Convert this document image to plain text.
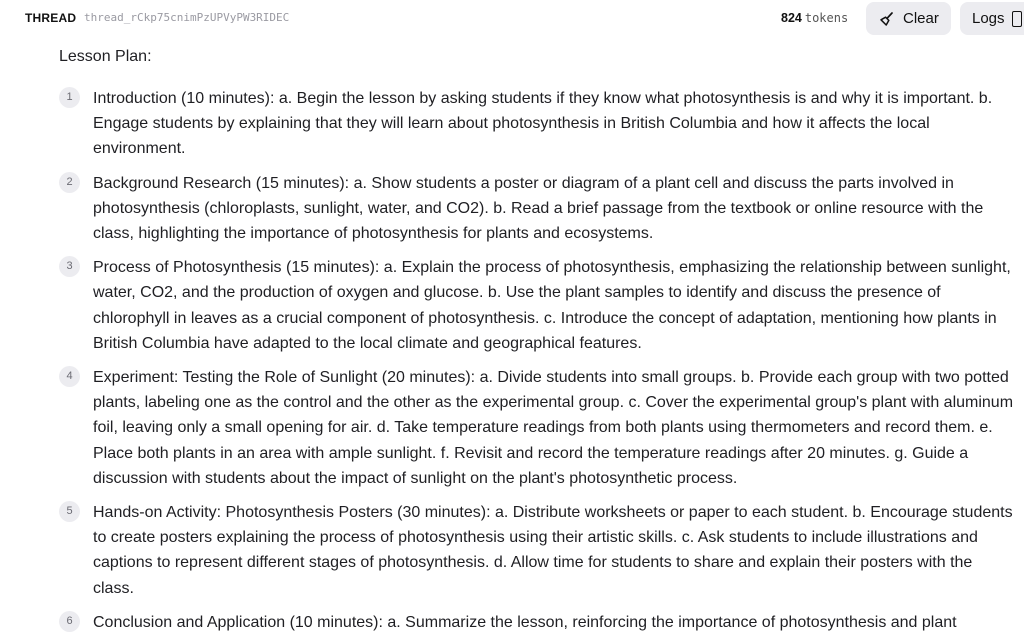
THREAD thread_rCkp75cnimPzUPVyPW3RIDEC	824 tokens	Clear Logs
Lesson Plan:
1	Introduction (10 minutes): a. Begin the lesson by asking students if they know what photosynthesis is and why it is important. b. Engage students by explaining that they will learn about photosynthesis in British Columbia and how it affects the local environment.
2	Background Research (15 minutes): a. Show students a poster or diagram of a plant cell and discuss the parts involved in photosynthesis (chloroplasts, sunlight, water, and CO2). b. Read a brief passage from the textbook or online resource with the class, highlighting the importance of photosynthesis for plants and ecosystems.
3	Process of Photosynthesis (15 minutes): a. Explain the process of photosynthesis, emphasizing the relationship between sunlight, water, CO2, and the production of oxygen and glucose. b. Use the plant samples to identify and discuss the presence of chlorophyll in leaves as a crucial component of photosynthesis. c. Introduce the concept of adaptation, mentioning how plants in British Columbia have adapted to the local climate and geographical features.
4	Experiment: Testing the Role of Sunlight (20 minutes): a. Divide students into small groups. b. Provide each group with two potted plants, labeling one as the control and the other as the experimental group. c. Cover the experimental group's plant with aluminum foil, leaving only a small opening for air. d. Take temperature readings from both plants using thermometers and record them. e. Place both plants in an area with ample sunlight. f. Revisit and record the temperature readings after 20 minutes. g. Guide a discussion with students about the impact of sunlight on the plant's photosynthetic process.
5	Hands-on Activity: Photosynthesis Posters (30 minutes): a. Distribute worksheets or paper to each student. b. Encourage students to create posters explaining the process of photosynthesis using their artistic skills. c. Ask students to include illustrations and captions to represent different stages of photosynthesis. d. Allow time for students to share and explain their posters with the class.
6	Conclusion and Application (10 minutes): a. Summarize the lesson, reinforcing the importance of photosynthesis and plant
